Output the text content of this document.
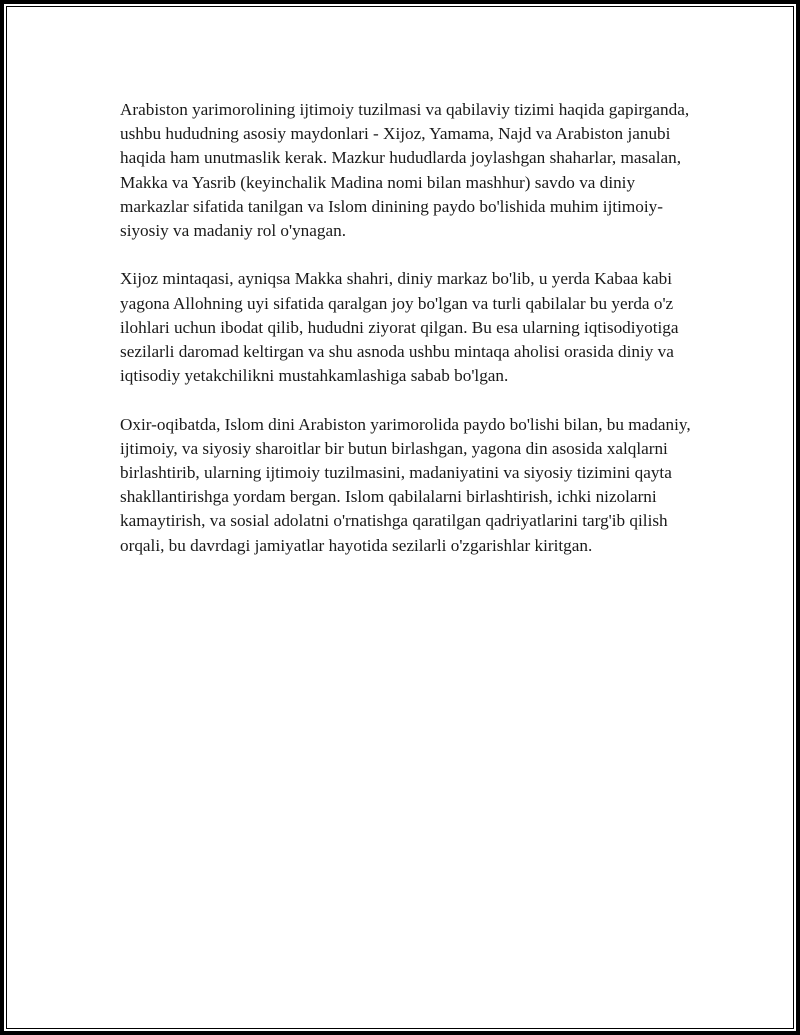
Arabiston yarimorolining ijtimoiy tuzilmasi va qabilaviy tizimi haqida gapirganda, ushbu hududning asosiy maydonlari - Xijoz, Yamama, Najd va Arabiston janubi haqida ham unutmaslik kerak. Mazkur hududlarda joylashgan shaharlar, masalan, Makka va Yasrib (keyinchalik Madina nomi bilan mashhur) savdo va diniy markazlar sifatida tanilgan va Islom dinining paydo bo'lishida muhim ijtimoiy-siyosiy va madaniy rol o'ynagan.

Xijoz mintaqasi, ayniqsa Makka shahri, diniy markaz bo'lib, u yerda Kabaa kabi yagona Allohning uyi sifatida qaralgan joy bo'lgan va turli qabilalar bu yerda o'z ilohlari uchun ibodat qilib, hududni ziyorat qilgan. Bu esa ularning iqtisodiyotiga sezilarli daromad keltirgan va shu asnoda ushbu mintaqa aholisi orasida diniy va iqtisodiy yetakchilikni mustahkamlashiga sabab bo'lgan.

Oxir-oqibatda, Islom dini Arabiston yarimorolida paydo bo'lishi bilan, bu madaniy, ijtimoiy, va siyosiy sharoitlar bir butun birlashgan, yagona din asosida xalqlarni birlashtirib, ularning ijtimoiy tuzilmasini, madaniyatini va siyosiy tizimini qayta shakllantirishga yordam bergan. Islom qabilalarni birlashtirish, ichki nizolarni kamaytirish, va sosial adolatni o'rnatishga qaratilgan qadriyatlarini targ'ib qilish orqali, bu davrdagi jamiyatlar hayotida sezilarli o'zgarishlar kiritgan.
